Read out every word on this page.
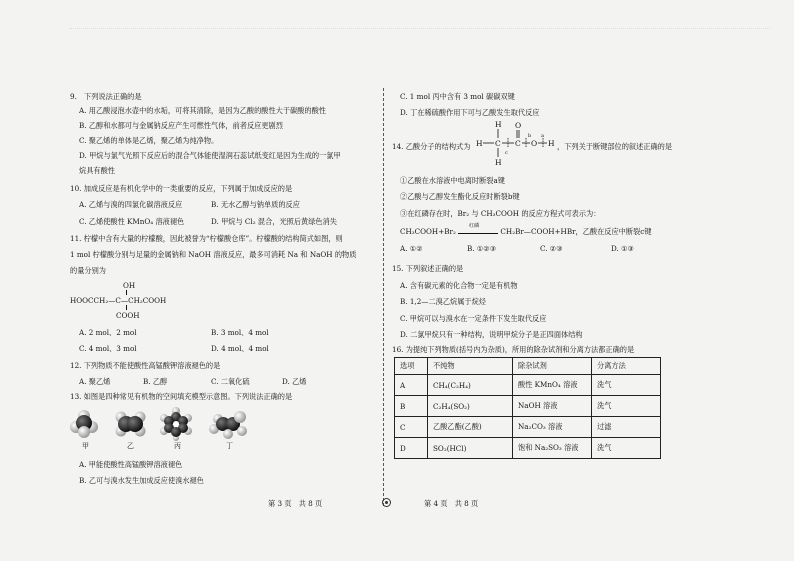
9.　下列说法正确的是
A. 用乙酸浸泡水壶中的水垢，可将其清除，是因为乙酸的酸性大于碳酸的酸性
B. 乙醇和水都可与金属钠反应产生可燃性气体，前者反应更剧烈
C. 聚乙烯的单体是乙烯，聚乙烯为纯净物。
D. 甲烷与氯气光照下反应后的混合气体能使湿润石蕊试纸变红是因为生成的一氯甲
烷具有酸性
10. 加成反应是有机化学中的一类重要的反应，下列属于加成反应的是
A. 乙烯与溴的四氯化碳溶液反应	B. 无水乙醇与钠单质的反应
C. 乙烯使酸性 KMnO₄ 溶液褪色	D. 甲烷与 Cl₂ 混合，光照后黄绿色消失
11. 柠檬中含有大量的柠檬酸，因此被誉为“柠檬酸仓库”。柠檬酸的结构简式如图，则
1 mol 柠檬酸分别与足量的金属钠和 NaOH 溶液反应，最多可消耗 Na 和 NaOH 的物质
的量分别为
OH
HOOCCH₂—C—CH₂COOH
COOH
A. 2 mol、2 mol	B. 3 mol、4 mol
C. 4 mol、3 mol	D. 4 mol、4 mol
12. 下列物质不能使酸性高锰酸钾溶液褪色的是
A. 聚乙烯	B. 乙醇	C. 二氧化硫	D. 乙烯
13. 如图是四种常见有机物的空间填充模型示意图。下列说法正确的是
甲	乙	丙	丁
A. 甲能使酸性高锰酸钾溶液褪色
B. 乙可与溴水发生加成反应使溴水褪色
第 3 页　共 8 页
C. 1 mol 丙中含有 3 mol 碳碳双键
D. 丁在稀硫酸作用下可与乙酸发生取代反应
14. 乙酸分子的结构式为
H
H C
H
C
O
O H
a
b
c
，下列关于断键部位的叙述正确的是
①乙酸在水溶液中电离时断裂a键
②乙酸与乙醇发生酯化反应时断裂b键
③在红磷存在时，Br₂ 与 CH₃COOH 的反应方程式可表示为：
CH₃COOH+Br₂
红磷
CH₂Br—COOH+HBr，乙酸在反应中断裂c键
A. ①②	B. ①②③	C. ②③	D. ①③
15. 下列叙述正确的是
A. 含有碳元素的化合物一定是有机物
B. 1,2—二溴乙烷属于烷烃
C. 甲烷可以与溴水在一定条件下发生取代反应
D. 二氯甲烷只有一种结构，说明甲烷分子是正四面体结构
16. 为提纯下列物质(括号内为杂质)，所用的除杂试剂和分离方法都正确的是
选项	不纯物	除杂试剂	分离方法
A	CH₄(C₂H₄)	酸性 KMnO₄ 溶液	洗气
B	C₂H₄(SO₂)	NaOH 溶液	洗气
C	乙酸乙酯(乙酸)	Na₂CO₃ 溶液	过滤
D	SO₂(HCl)	饱和 Na₂SO₃ 溶液	洗气
第 4 页　共 8 页
